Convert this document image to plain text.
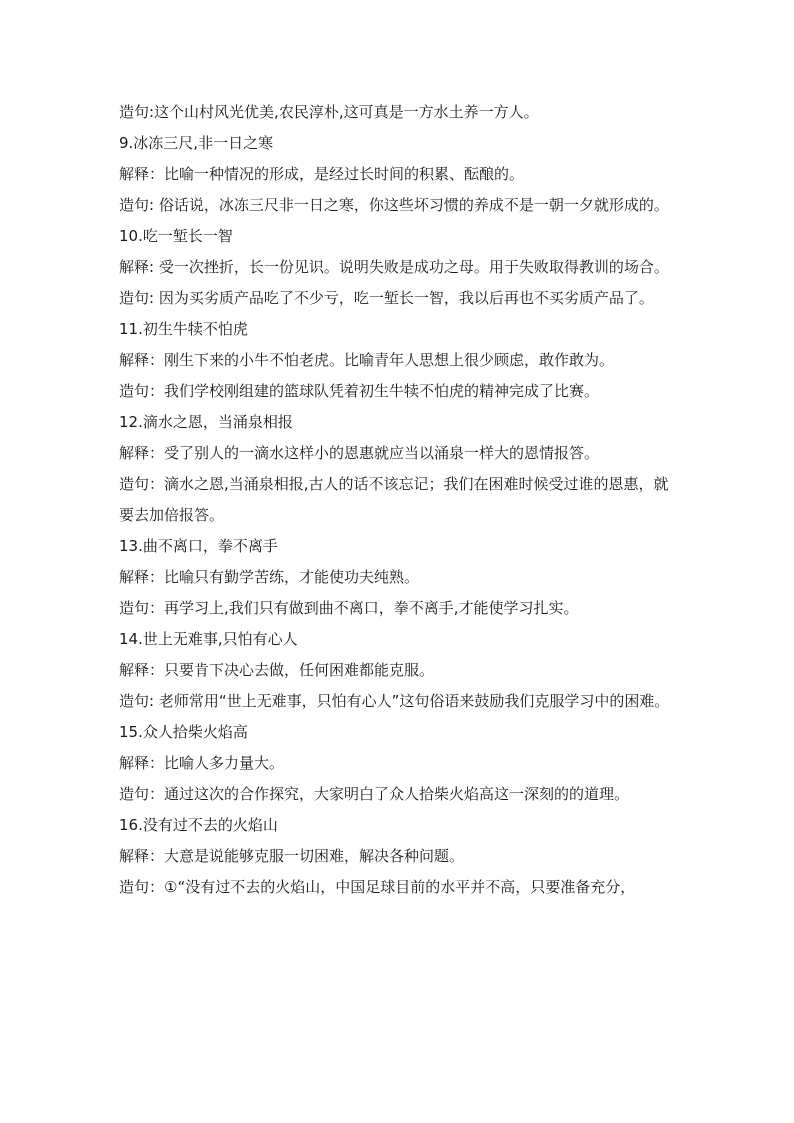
造句:这个山村风光优美,农民淳朴,这可真是一方水土养一方人。

9.冰冻三尺,非一日之寒

解释：比喻一种情况的形成，是经过长时间的积累、酝酿的。

造句: 俗话说，冰冻三尺非一日之寒，你这些坏习惯的养成不是一朝一夕就形成的。

10.吃一堑长一智

解释: 受一次挫折，长一份见识。说明失败是成功之母。用于失败取得教训的场合。

造句: 因为买劣质产品吃了不少亏，吃一堑长一智，我以后再也不买劣质产品了。

11.初生牛犊不怕虎

解释：刚生下来的小牛不怕老虎。比喻青年人思想上很少顾虑，敢作敢为。

造句：我们学校刚组建的篮球队凭着初生牛犊不怕虎的精神完成了比赛。

12.滴水之恩，当涌泉相报

解释：受了别人的一滴水这样小的恩惠就应当以涌泉一样大的恩情报答。

造句：滴水之恩,当涌泉相报,古人的话不该忘记；我们在困难时候受过谁的恩惠，就要去加倍报答。

13.曲不离口，拳不离手

解释：比喻只有勤学苦练，才能使功夫纯熟。

造句：再学习上,我们只有做到曲不离口，拳不离手,才能使学习扎实。

14.世上无难事,只怕有心人

解释：只要肯下决心去做，任何困难都能克服。

造句: 老师常用“世上无难事，只怕有心人”这句俗语来鼓励我们克服学习中的困难。

15.众人拾柴火焰高

解释：比喻人多力量大。

造句：通过这次的合作探究，大家明白了众人拾柴火焰高这一深刻的的道理。

16.没有过不去的火焰山

解释：大意是说能够克服一切困难，解决各种问题。

造句：①“没有过不去的火焰山，中国足球目前的水平并不高，只要准备充分，
